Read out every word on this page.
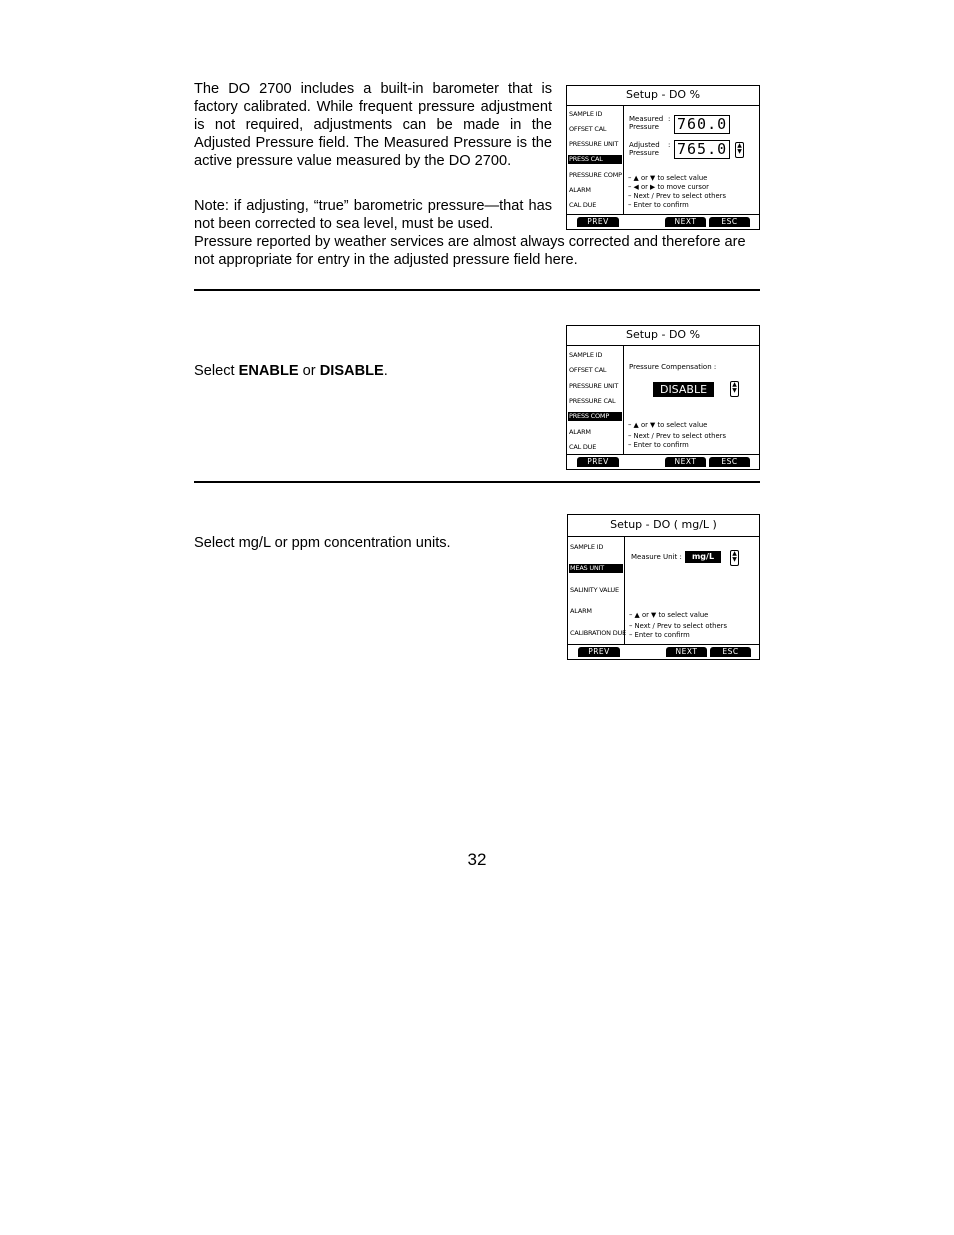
The DO 2700 includes a built-in barometer that is factory calibrated. While frequent pressure adjustment is not required, adjustments can be made in the Adjusted Pressure field. The Measured Pressure is the active pressure value measured by the DO 2700.

Note: if adjusting, “true” barometric pressure—that has not been corrected to sea level, must be used.

Pressure reported by weather services are almost always corrected and therefore are not appropriate for entry in the adjusted pressure field here.

Setup - DO %
SAMPLE ID
OFFSET CAL
PRESSURE UNIT
PRESS CAL
PRESSURE COMP
ALARM
CAL DUE
Measured
Pressure
: 760.0
Adjusted
Pressure
: 765.0	▲
▼
– ▲ or ▼ to select value
– ◀ or ▶ to move cursor
– Next / Prev to select others
– Enter to confirm
PREV	NEXT	ESC

Select ENABLE or DISABLE.

Setup - DO %
SAMPLE ID
OFFSET CAL
PRESSURE UNIT
PRESSURE CAL
PRESS COMP
ALARM
CAL DUE
Pressure Compensation :
DISABLE	▲
▼
– ▲ or ▼ to select value
– Next / Prev to select others
– Enter to confirm
PREV	NEXT	ESC

Select mg/L or ppm concentration units.

Setup - DO ( mg/L )
SAMPLE ID
MEAS UNIT
SALINITY VALUE
ALARM
CALIBRATION DUE
Measure Unit :	mg/L	▲
▼
– ▲ or ▼ to select value
– Next / Prev to select others
– Enter to confirm
PREV	NEXT	ESC
32
